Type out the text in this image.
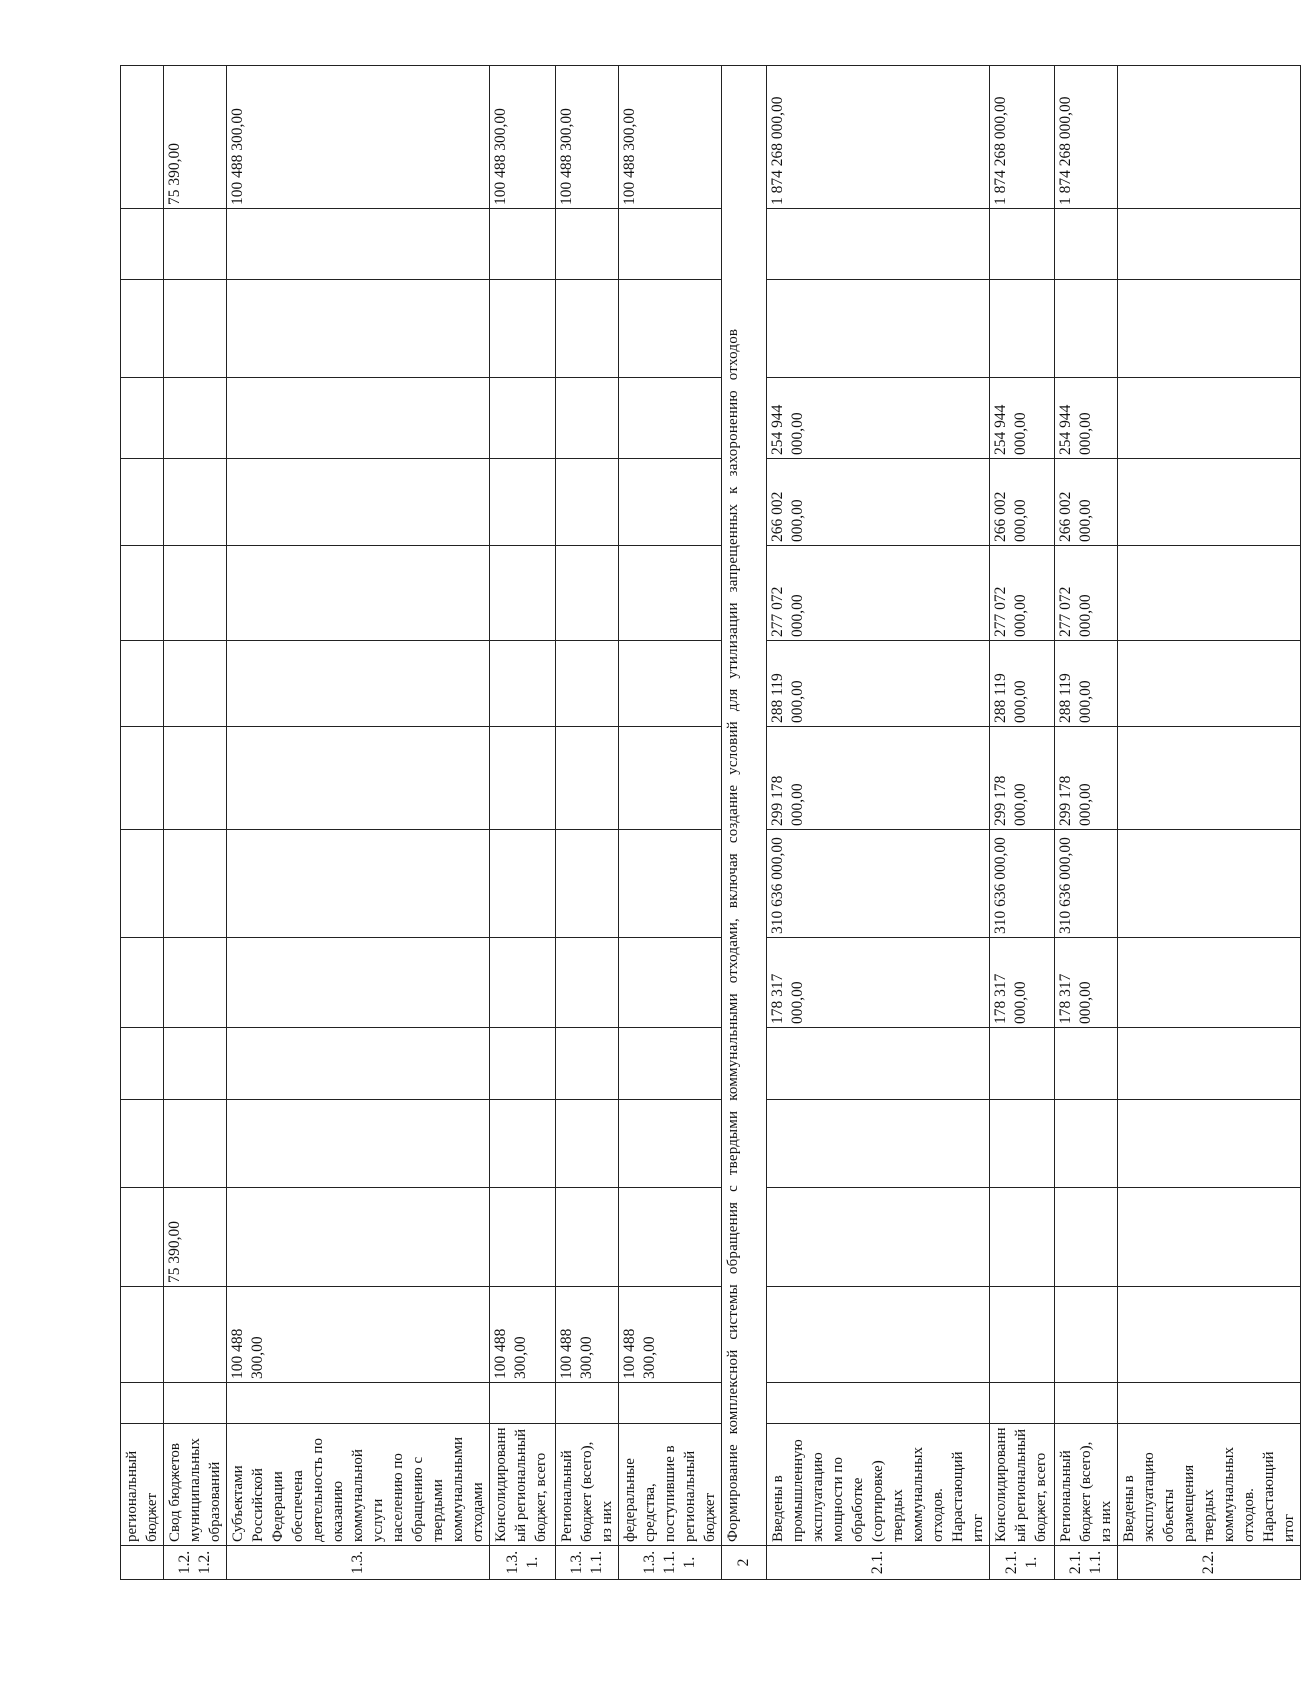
	региональный бюджет															
1.2.1.2.	Свод бюджетов муниципальных образований			75 390,00												75 390,00
1.3.	Субъектами Российской Федерации обеспечена деятельность по оказанию коммунальной услуги населению по обращению с твердыми коммунальными отходами		100 488 300,00													100 488 300,00
1.3.1.	Консолидированный региональный бюджет, всего		100 488 300,00													100 488 300,00
1.3.1.1.	Региональный бюджет (всего), из них		100 488 300,00													100 488 300,00
1.3.1.1.1.	федеральные средства, поступившие в региональный бюджет		100 488 300,00													100 488 300,00
2	Формирование комплексной системы обращения с твердыми коммунальными отходами, включая создание условий для утилизации запрещенных к захоронению отходов															
2.1.	Введены в промышленную эксплуатацию мощности по обработке (сортировке) твердых коммунальных отходов. Нарастающий итог						178 317 000,00	310 636 000,00	299 178 000,00	288 119 000,00	277 072 000,00	266 002 000,00	254 944 000,00			1 874 268 000,00
2.1.1.	Консолидированный региональный бюджет, всего						178 317 000,00	310 636 000,00	299 178 000,00	288 119 000,00	277 072 000,00	266 002 000,00	254 944 000,00			1 874 268 000,00
2.1.1.1.	Региональный бюджет (всего), из них						178 317 000,00	310 636 000,00	299 178 000,00	288 119 000,00	277 072 000,00	266 002 000,00	254 944 000,00			1 874 268 000,00
2.2.	Введены в эксплуатацию объекты размещения твердых коммунальных отходов. Нарастающий итог															
